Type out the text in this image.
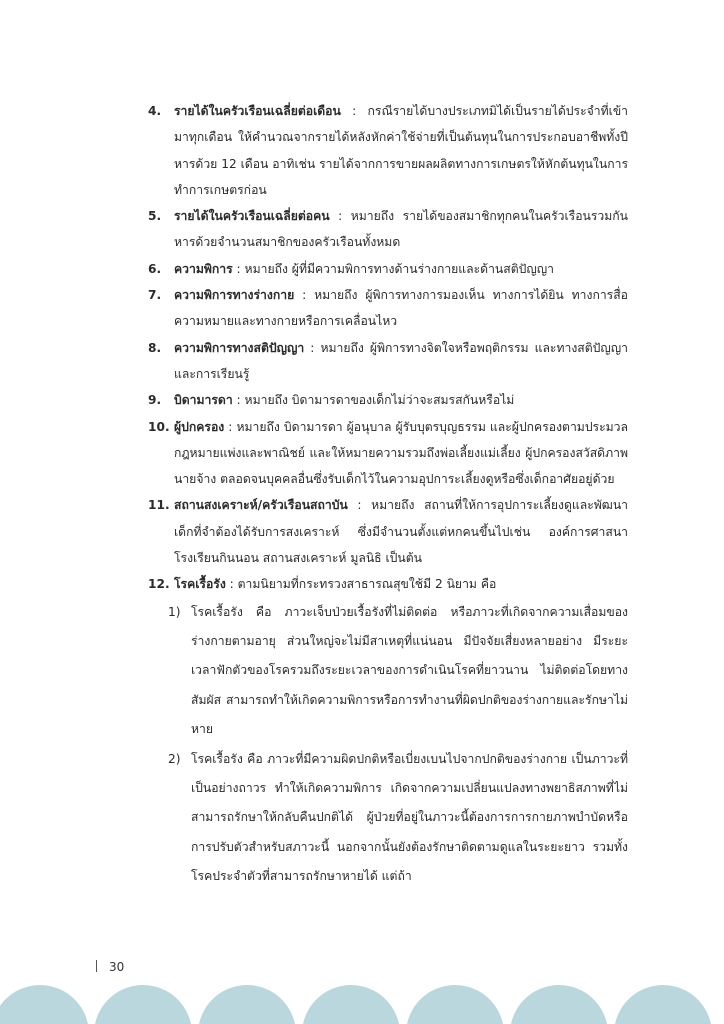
4. รายได้ในครัวเรือนเฉลี่ยต่อเดือน : กรณีรายได้บางประเภทมิได้เป็นรายได้ประจำที่เข้ามาทุกเดือน ให้คำนวณจากรายได้หลังหักค่าใช้จ่ายที่เป็นต้นทุนในการประกอบอาชีพทั้งปี หารด้วย 12 เดือน อาทิเช่น รายได้จากการขายผลผลิตทางการเกษตรให้หักต้นทุนในการทำการเกษตรก่อน
5. รายได้ในครัวเรือนเฉลี่ยต่อคน : หมายถึง รายได้ของสมาชิกทุกคนในครัวเรือนรวมกัน หารด้วยจำนวนสมาชิกของครัวเรือนทั้งหมด
6. ความพิการ : หมายถึง ผู้ที่มีความพิการทางด้านร่างกายและด้านสติปัญญา
7. ความพิการทางร่างกาย : หมายถึง ผู้พิการทางการมองเห็น ทางการได้ยิน ทางการสื่อความหมายและทางกายหรือการเคลื่อนไหว
8. ความพิการทางสติปัญญา : หมายถึง ผู้พิการทางจิตใจหรือพฤติกรรม และทางสติปัญญาและการเรียนรู้
9. บิดามารดา : หมายถึง บิดามารดาของเด็กไม่ว่าจะสมรสกันหรือไม่
10. ผู้ปกครอง : หมายถึง บิดามารดา ผู้อนุบาล ผู้รับบุตรบุญธรรม และผู้ปกครองตามประมวลกฎหมายแพ่งและพาณิชย์ และให้หมายความรวมถึงพ่อเลี้ยงแม่เลี้ยง ผู้ปกครองสวัสดิภาพ นายจ้าง ตลอดจนบุคคลอื่นซึ่งรับเด็กไว้ในความอุปการะเลี้ยงดูหรือซึ่งเด็กอาศัยอยู่ด้วย
11. สถานสงเคราะห์/ครัวเรือนสถาบัน : หมายถึง สถานที่ให้การอุปการะเลี้ยงดูและพัฒนาเด็กที่จำต้องได้รับการสงเคราะห์ ซึ่งมีจำนวนตั้งแต่หกคนขึ้นไปเช่น องค์การศาสนา โรงเรียนกินนอน สถานสงเคราะห์ มูลนิธิ เป็นต้น
12. โรคเรื้อรัง : ตามนิยามที่กระทรวงสาธารณสุขใช้มี 2 นิยาม คือ
1) โรคเรื้อรัง คือ ภาวะเจ็บป่วยเรื้อรังที่ไม่ติดต่อ หรือภาวะที่เกิดจากความเสื่อมของร่างกายตามอายุ ส่วนใหญ่จะไม่มีสาเหตุที่แน่นอน มีปัจจัยเสี่ยงหลายอย่าง มีระยะเวลาฟักตัวของโรครวมถึงระยะเวลาของการดำเนินโรคที่ยาวนาน ไม่ติดต่อโดยทางสัมผัส สามารถทำให้เกิดความพิการหรือการทำงานที่ผิดปกติของร่างกายและรักษาไม่หาย
2) โรคเรื้อรัง คือ ภาวะที่มีความผิดปกติหรือเบี่ยงเบนไปจากปกติของร่างกาย เป็นภาวะที่เป็นอย่างถาวร ทำให้เกิดความพิการ เกิดจากความเปลี่ยนแปลงทางพยาธิสภาพที่ไม่สามารถรักษาให้กลับคืนปกติได้ ผู้ป่วยที่อยู่ในภาวะนี้ต้องการการกายภาพบำบัดหรือการปรับตัวสำหรับสภาวะนี้ นอกจากนั้นยังต้องรักษาติดตามดูแลในระยะยาว รวมทั้งโรคประจำตัวที่สามารถรักษาหายได้ แต่ถ้า
30
